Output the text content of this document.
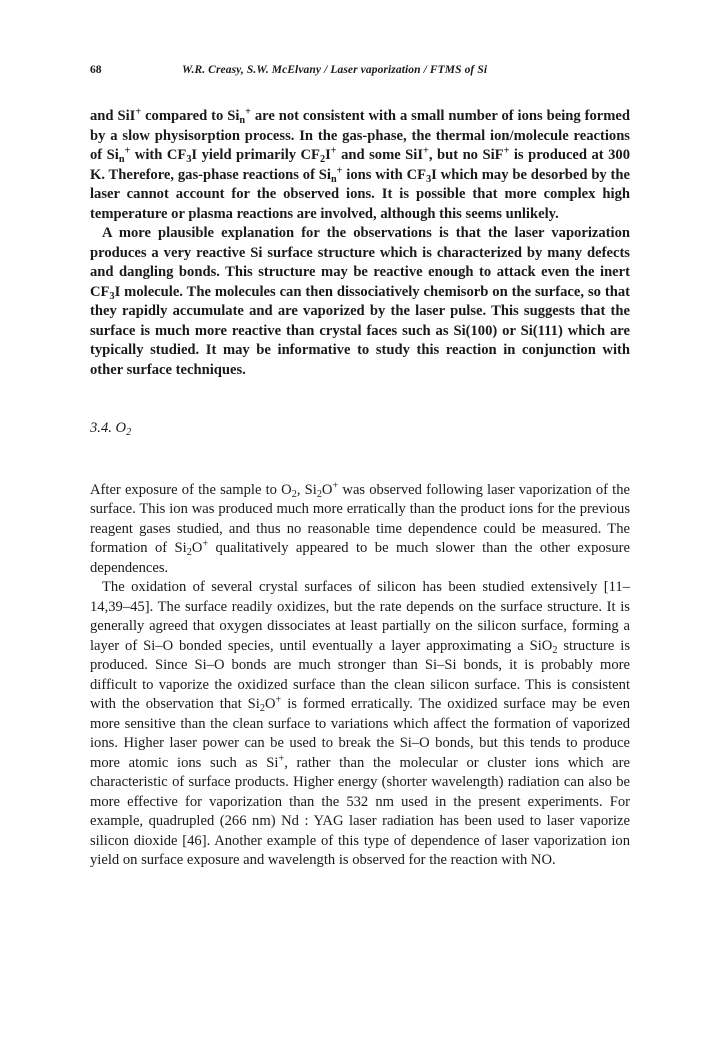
68	W.R. Creasy, S.W. McElvany / Laser vaporization / FTMS of Si

and SiI+ compared to $Si_n^+$ are not consistent with a small number of ions being formed by a slow physisorption process. In the gas-phase, the thermal ion/molecule reactions of $Si_n^+$ with $CF_3I$ yield primarily $CF_2I^+$ and some SiI+, but no SiF+ is produced at 300 K. Therefore, gas-phase reactions of $Si_n^+$ ions with $CF_3I$ which may be desorbed by the laser cannot account for the observed ions. It is possible that more complex high temperature or plasma reactions are involved, although this seems unlikely.

A more plausible explanation for the observations is that the laser vaporization produces a very reactive Si surface structure which is characterized by many defects and dangling bonds. This structure may be reactive enough to attack even the inert $CF_3I$ molecule. The molecules can then dissociatively chemisorb on the surface, so that they rapidly accumulate and are vaporized by the laser pulse. This suggests that the surface is much more reactive than crystal faces such as Si(100) or Si(111) which are typically studied. It may be informative to study this reaction in conjunction with other surface techniques.

3.4. $O_2$

After exposure of the sample to $O_2$, $Si_2O^+$ was observed following laser vaporization of the surface. This ion was produced much more erratically than the product ions for the previous reagent gases studied, and thus no reasonable time dependence could be measured. The formation of $Si_2O^+$ qualitatively appeared to be much slower than the other exposure dependences.

The oxidation of several crystal surfaces of silicon has been studied extensively [11–14,39–45]. The surface readily oxidizes, but the rate depends on the surface structure. It is generally agreed that oxygen dissociates at least partially on the silicon surface, forming a layer of Si–O bonded species, until eventually a layer approximating a SiO$_2$ structure is produced. Since Si–O bonds are much stronger than Si–Si bonds, it is probably more difficult to vaporize the oxidized surface than the clean silicon surface. This is consistent with the observation that $Si_2O^+$ is formed erratically. The oxidized surface may be even more sensitive than the clean surface to variations which affect the formation of vaporized ions. Higher laser power can be used to break the Si–O bonds, but this tends to produce more atomic ions such as Si+, rather than the molecular or cluster ions which are characteristic of surface products. Higher energy (shorter wavelength) radiation can also be more effective for vaporization than the 532 nm used in the present experiments. For example, quadrupled (266 nm) Nd : YAG laser radiation has been used to laser vaporize silicon dioxide [46]. Another example of this type of dependence of laser vaporization ion yield on surface exposure and wavelength is observed for the reaction with NO.
